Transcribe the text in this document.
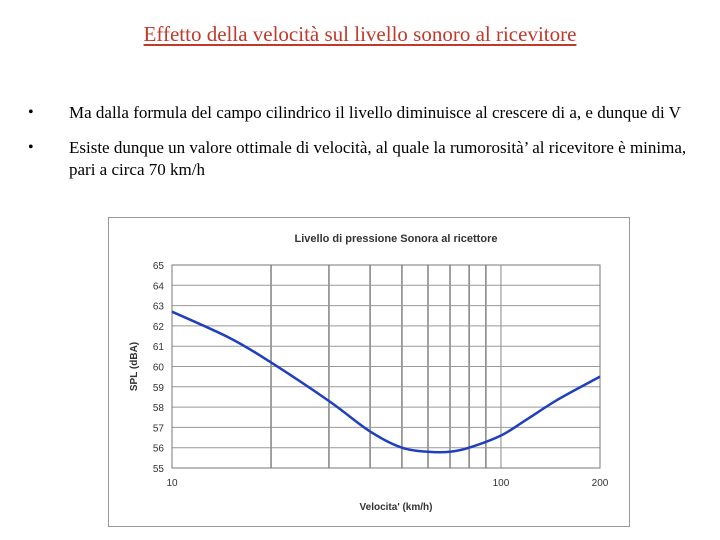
Effetto della velocità sul livello sonoro al ricevitore
• Ma dalla formula del campo cilindrico il livello diminuisce al crescere di a, e dunque di V
• Esiste dunque un valore ottimale di velocità, al quale la rumorosità’ al ricevitore è minima, pari a circa 70 km/h
65
64
63
62
61
60
59
58
57
56
55
10	100	200
Livello di pressione Sonora al ricettore
Velocita' (km/h)
SPL (dBA)
